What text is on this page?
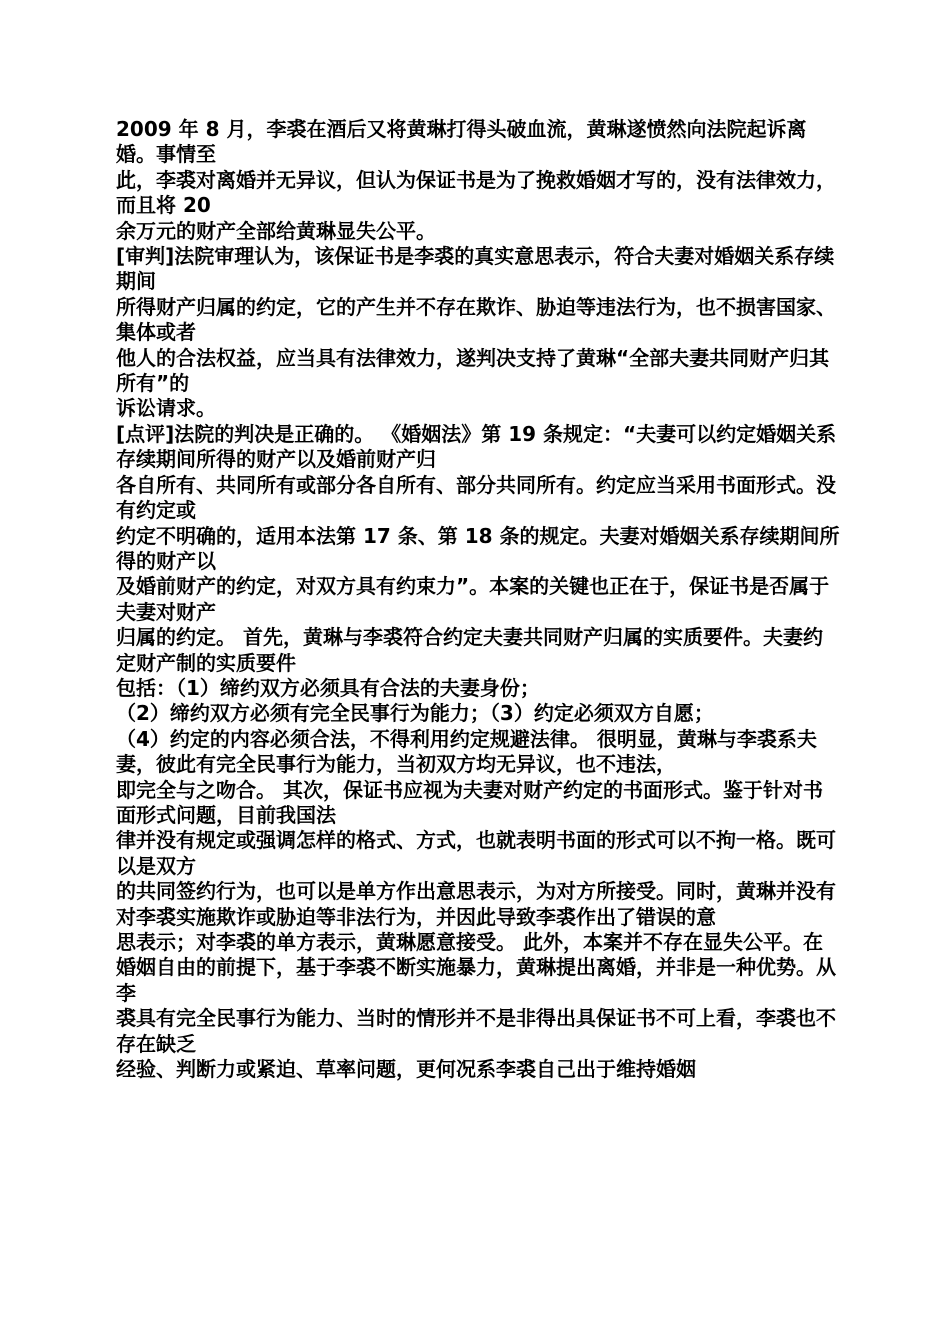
2009 年 8 月，李裘在酒后又将黄琳打得头破血流，黄琳遂愤然向法院起诉离婚。事情至

此，李裘对离婚并无异议，但认为保证书是为了挽救婚姻才写的，没有法律效力，而且将 20

余万元的财产全部给黄琳显失公平。

[审判]法院审理认为，该保证书是李裘的真实意思表示，符合夫妻对婚姻关系存续期间

所得财产归属的约定，它的产生并不存在欺诈、胁迫等违法行为，也不损害国家、集体或者

他人的合法权益，应当具有法律效力，遂判决支持了黄琳“全部夫妻共同财产归其所有”的

诉讼请求。

[点评]法院的判决是正确的。 《婚姻法》第 19 条规定：“夫妻可以约定婚姻关系存续期间所得的财产以及婚前财产归

各自所有、共同所有或部分各自所有、部分共同所有。约定应当采用书面形式。没有约定或

约定不明确的，适用本法第 17 条、第 18 条的规定。夫妻对婚姻关系存续期间所得的财产以

及婚前财产的约定，对双方具有约束力”。本案的关键也正在于，保证书是否属于夫妻对财产

归属的约定。 首先，黄琳与李裘符合约定夫妻共同财产归属的实质要件。夫妻约定财产制的实质要件

包括：（1）缔约双方必须具有合法的夫妻身份；

（2）缔约双方必须有完全民事行为能力；（3）约定必须双方自愿；

（4）约定的内容必须合法，不得利用约定规避法律。 很明显，黄琳与李裘系夫妻，彼此有完全民事行为能力，当初双方均无异议，也不违法，

即完全与之吻合。 其次，保证书应视为夫妻对财产约定的书面形式。鉴于针对书面形式问题，目前我国法

律并没有规定或强调怎样的格式、方式，也就表明书面的形式可以不拘一格。既可以是双方

的共同签约行为，也可以是单方作出意思表示，为对方所接受。同时，黄琳并没有对李裘实施欺诈或胁迫等非法行为，并因此导致李裘作出了错误的意

思表示；对李裘的单方表示，黄琳愿意接受。 此外，本案并不存在显失公平。在婚姻自由的前提下，基于李裘不断实施暴力，黄琳提出离婚，并非是一种优势。从李

裘具有完全民事行为能力、当时的情形并不是非得出具保证书不可上看，李裘也不存在缺乏

经验、判断力或紧迫、草率问题，更何况系李裘自己出于维持婚姻
